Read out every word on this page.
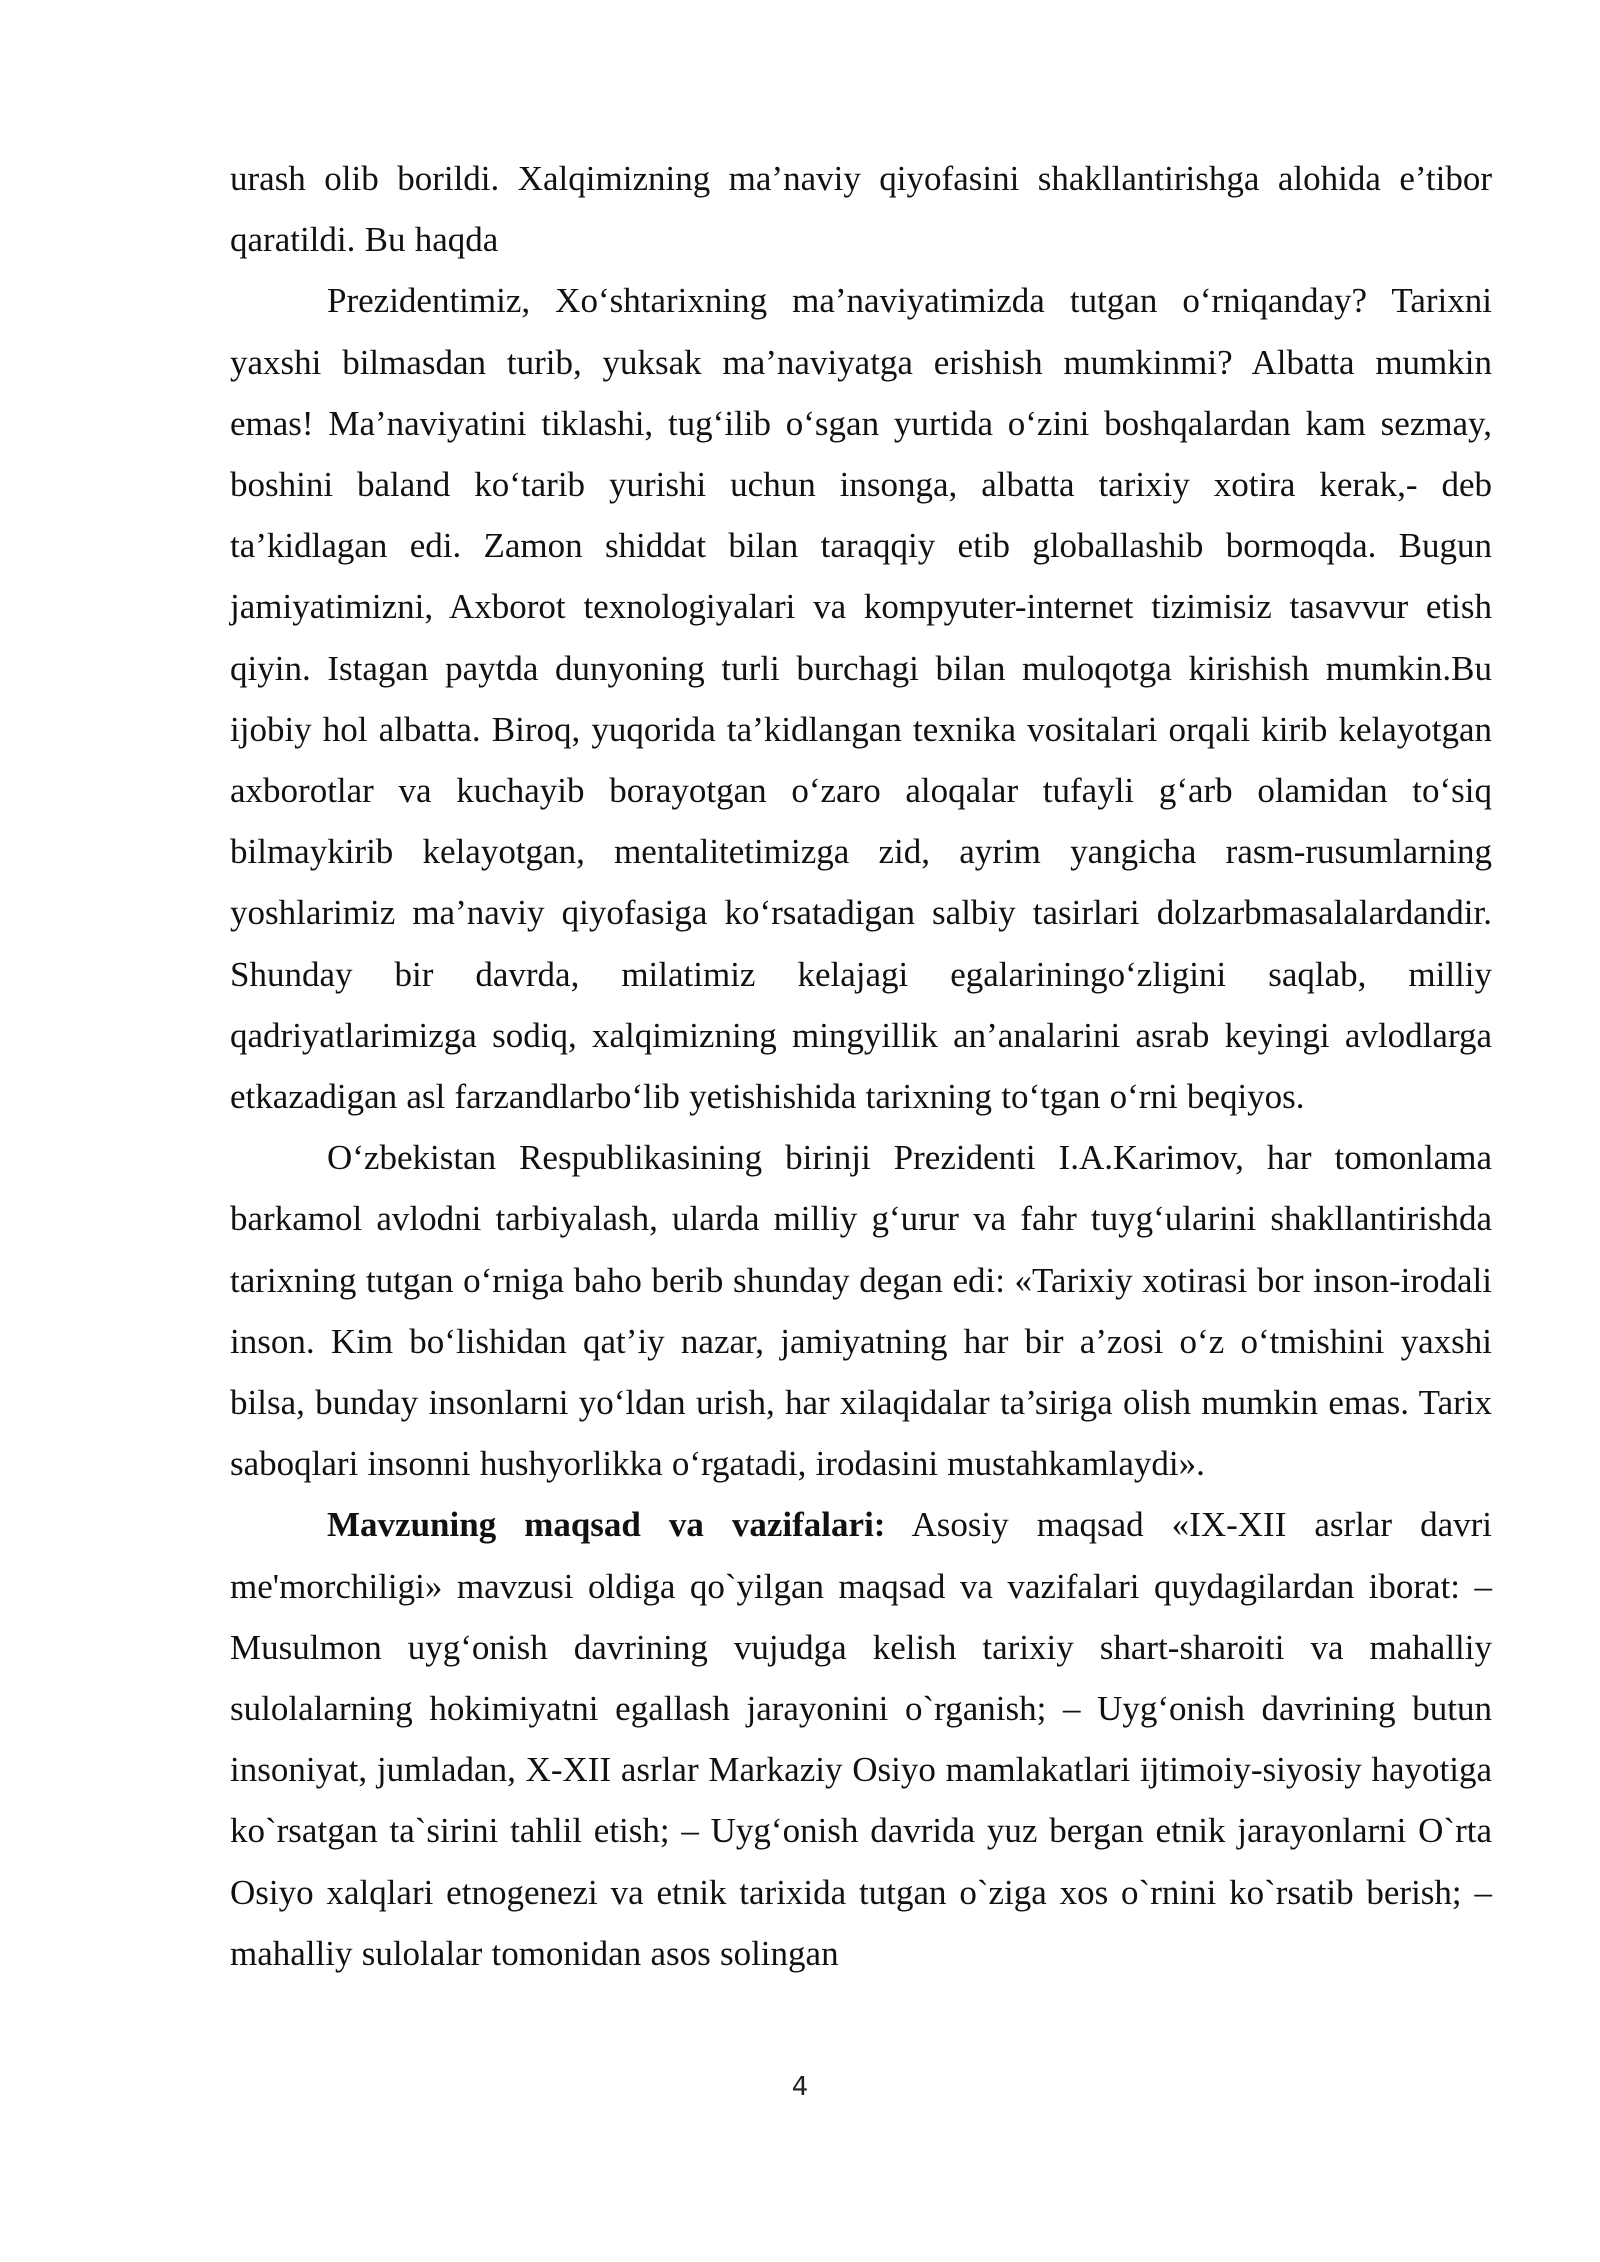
urash olib borildi. Xalqimizning ma’naviy qiyofasini shakllantirishga alohida e’tibor qaratildi. Bu haqda

Prezidentimiz, Xo‘shtarixning ma’naviyatimizda tutgan o‘rniqanday? Tarixni yaxshi bilmasdan turib, yuksak ma’naviyatga erishish mumkinmi? Albatta mumkin emas! Ma’naviyatini tiklashi, tug‘ilib o‘sgan yurtida o‘zini boshqalardan kam sezmay, boshini baland ko‘tarib yurishi uchun insonga, albatta tarixiy xotira kerak,- deb ta’kidlagan edi. Zamon shiddat bilan taraqqiy etib globallashib bormoqda. Bugun jamiyatimizni, Axborot texnologiyalari va kompyuter-internet tizimisiz tasavvur etish qiyin. Istagan paytda dunyoning turli burchagi bilan muloqotga kirishish mumkin.Bu ijobiy hol albatta. Biroq, yuqorida ta’kidlangan texnika vositalari orqali kirib kelayotgan axborotlar va kuchayib borayotgan o‘zaro aloqalar tufayli g‘arb olamidan to‘siq bilmaykirib kelayotgan, mentalitetimizga zid, ayrim yangicha rasm-rusumlarning yoshlarimiz ma’naviy qiyofasiga ko‘rsatadigan salbiy tasirlari dolzarbmasalalardandir. Shunday bir davrda, milatimiz kelajagi egalariningo‘zligini saqlab, milliy qadriyatlarimizga sodiq, xalqimizning mingyillik an’analarini asrab keyingi avlodlarga etkazadigan asl farzandlarbo‘lib yetishishida tarixning to‘tgan o‘rni beqiyos.

O‘zbekistan Respublikasining birinji Prezidenti I.A.Karimov, har tomonlama barkamol avlodni tarbiyalash, ularda milliy g‘urur va fahr tuyg‘ularini shakllantirishda tarixning tutgan o‘rniga baho berib shunday degan edi: «Tarixiy xotirasi bor inson-irodali inson. Kim bo‘lishidan qat’iy nazar, jamiyatning har bir a’zosi o‘z o‘tmishini yaxshi bilsa, bunday insonlarni yo‘ldan urish, har xilaqidalar ta’siriga olish mumkin emas. Tarix saboqlari insonni hushyorlikka o‘rgatadi, irodasini mustahkamlaydi».

Mavzuning maqsad va vazifalari: Asosiy maqsad «IX-XII asrlar davri me'morchiligi» mavzusi oldiga qo`yilgan maqsad va vazifalari quydagilardan iborat: – Musulmon uyg‘onish davrining vujudga kelish tarixiy shart-sharoiti va mahalliy sulolalarning hokimiyatni egallash jarayonini o`rganish; – Uyg‘onish davrining butun insoniyat, jumladan, X-XII asrlar Markaziy Osiyo mamlakatlari ijtimoiy-siyosiy hayotiga ko`rsatgan ta`sirini tahlil etish; – Uyg‘onish davrida yuz bergan etnik jarayonlarni O`rta Osiyo xalqlari etnogenezi va etnik tarixida tutgan o`ziga xos o`rnini ko`rsatib berish; – mahalliy sulolalar tomonidan asos solingan

4
